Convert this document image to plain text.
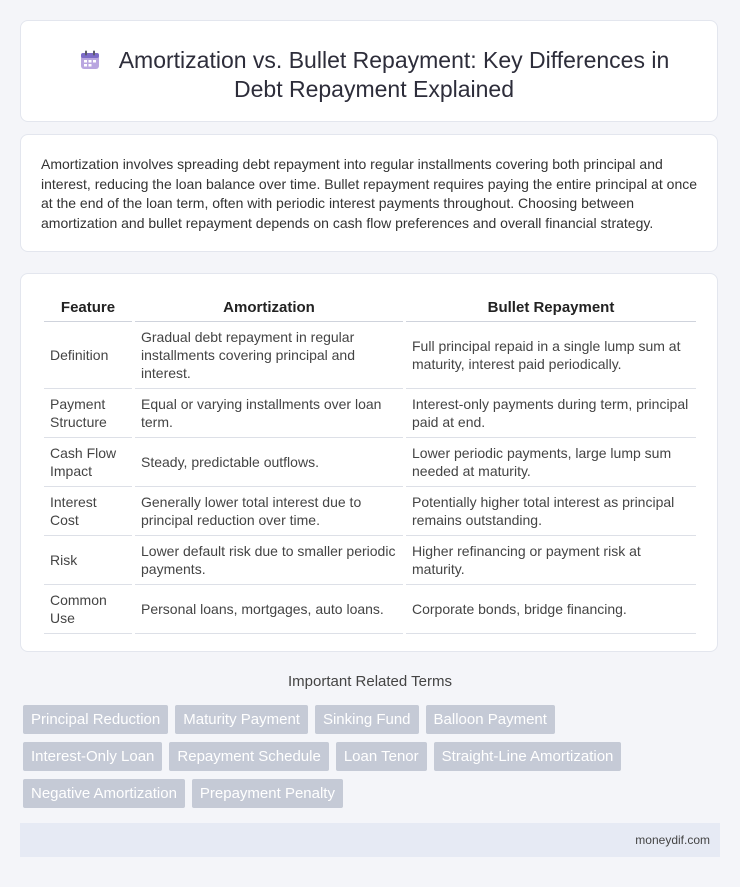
Amortization vs. Bullet Repayment: Key Differences in Debt Repayment Explained
Amortization involves spreading debt repayment into regular installments covering both principal and interest, reducing the loan balance over time. Bullet repayment requires paying the entire principal at once at the end of the loan term, often with periodic interest payments throughout. Choosing between amortization and bullet repayment depends on cash flow preferences and overall financial strategy.
Feature	Amortization	Bullet Repayment
Definition	Gradual debt repayment in regular installments covering principal and interest.	Full principal repaid in a single lump sum at maturity, interest paid periodically.
Payment Structure	Equal or varying installments over loan term.	Interest-only payments during term, principal paid at end.
Cash Flow Impact	Steady, predictable outflows.	Lower periodic payments, large lump sum needed at maturity.
Interest Cost	Generally lower total interest due to principal reduction over time.	Potentially higher total interest as principal remains outstanding.
Risk	Lower default risk due to smaller periodic payments.	Higher refinancing or payment risk at maturity.
Common Use	Personal loans, mortgages, auto loans.	Corporate bonds, bridge financing.
Important Related Terms
Principal Reduction	Maturity Payment	Sinking Fund	Balloon Payment
Interest-Only Loan	Repayment Schedule	Loan Tenor	Straight-Line Amortization
Negative Amortization	Prepayment Penalty
moneydif.com
